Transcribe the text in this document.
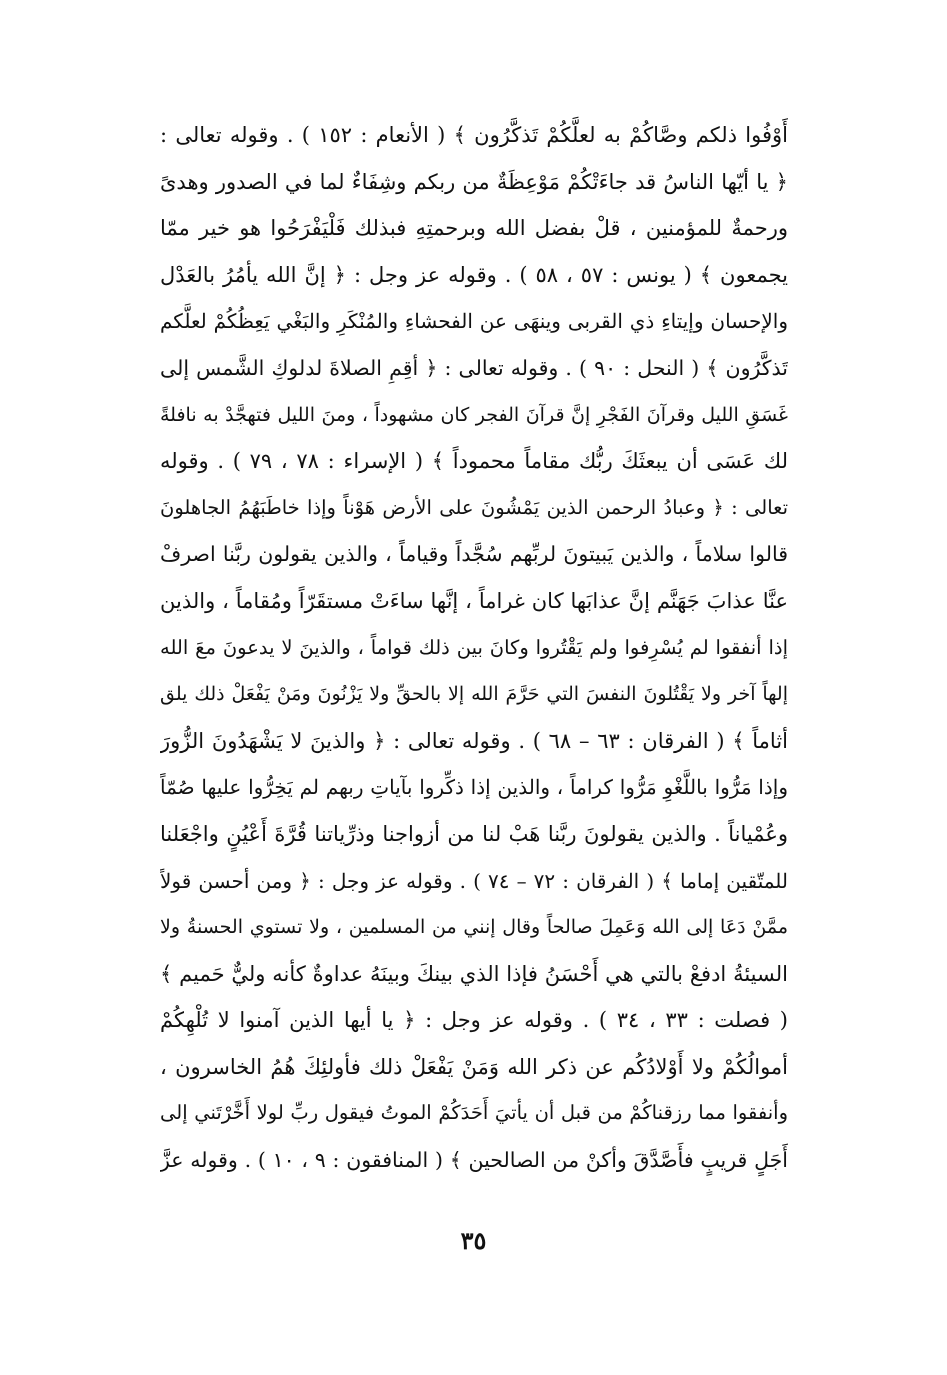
أَوْفُوا ذلكم وصَّاكُمْ به لعلَّكُمْ تَذكَّرُون ﴾ ( الأنعام : ١٥٢ ) . وقوله تعالى :
﴿ يا أيّها الناسُ قد جاءَتْكُمْ مَوْعِظَةٌ من ربكم وشِفَاءٌ لما في الصدور وهدىً
ورحمةٌ للمؤمنين ، قلْ بفضل الله وبرحمتِهِ فبذلك فَلْيَفْرَحُوا هو خير ممّا
يجمعون ﴾ ( يونس : ٥٧ ، ٥٨ ) . وقوله عز وجل : ﴿ إنَّ الله يأمُرُ بالعَدْل
والإحسان وإيتاءِ ذي القربى وينهَى عن الفحشاءِ والمُنْكَرِ والبَغْي يَعِظُكُمْ لعلَّكم
تَذكَّرُون ﴾ ( النحل : ٩٠ ) . وقوله تعالى : ﴿ أقِمِ الصلاةَ لدلوكِ الشَّمس إلى
غَسَقِ الليل وقرآنَ الفَجْرِ إنَّ قرآنَ الفجر كان مشهوداً ، ومنَ الليل فتهجَّدْ به نافلةً
لك عَسَى أن يبعثَكَ ربُّك مقاماً محموداً ﴾ ( الإسراء : ٧٨ ، ٧٩ ) . وقوله
تعالى : ﴿ وعبادُ الرحمن الذين يَمْشُونَ على الأرض هَوْناً وإذا خاطَبَهُمُ الجاهلونَ
قالوا سلاماً ، والذين يَبيتونَ لربِّهم سُجَّداً وقياماً ، والذين يقولون ربَّنا اصرفْ
عنَّا عذابَ جَهَنَّم إنَّ عذابَها كان غراماً ، إنَّها ساءَتْ مستقَرّاً ومُقاماً ، والذين
إذا أنفقوا لم يُسْرِفوا ولم يَقْتُروا وكانَ بين ذلك قواماً ، والذينَ لا يدعونَ معَ الله
إلهاً آخر ولا يَقْتُلونَ النفسَ التي حَرَّمَ الله إلا بالحقِّ ولا يَزْنُونَ ومَنْ يَفْعَلْ ذلك يلق
أثاماً ﴾ ( الفرقان : ٦٣ – ٦٨ ) . وقوله تعالى : ﴿ والذينَ لا يَشْهَدُونَ الزُّورَ
وإذا مَرُّوا باللَّغْوِ مَرُّوا كراماً ، والذين إذا ذكِّروا بآياتِ ربهم لم يَخِرُّوا عليها صُمّاً
وعُمْياناً . والذين يقولونَ ربَّنا هَبْ لنا من أزواجنا وذرِّياتنا قُرَّةَ أَعْيُنٍ واجْعَلنا
للمتّقين إماما ﴾ ( الفرقان : ٧٢ – ٧٤ ) . وقوله عز وجل : ﴿ ومن أحسن قولاً
ممَّنْ دَعَا إلى الله وَعَمِلَ صالحاً وقال إنني من المسلمين ، ولا تستوي الحسنةُ ولا
السيئةُ ادفعْ بالتي هي أَحْسَنُ فإذا الذي بينكَ وبينَهُ عداوةٌ كأنه وليٌّ حَميم ﴾
( فصلت : ٣٣ ، ٣٤ ) . وقوله عز وجل : ﴿ يا أيها الذين آمنوا لا تُلْهِكُمْ
أموالُكُمْ ولا أَوْلادُكُم عن ذكر الله وَمَنْ يَفْعَلْ ذلك فأولئِكَ هُمُ الخاسرون ،
وأنفقوا مما رزقناكُمْ من قبل أن يأتيَ أَحَدَكُمْ الموتُ فيقول ربِّ لولا أَخَّرْتَني إلى
أَجَلٍ قريبٍ فأَصَّدَّقَ وأكنْ من الصالحين ﴾ ( المنافقون : ٩ ، ١٠ ) . وقوله عزَّ
٣٥
